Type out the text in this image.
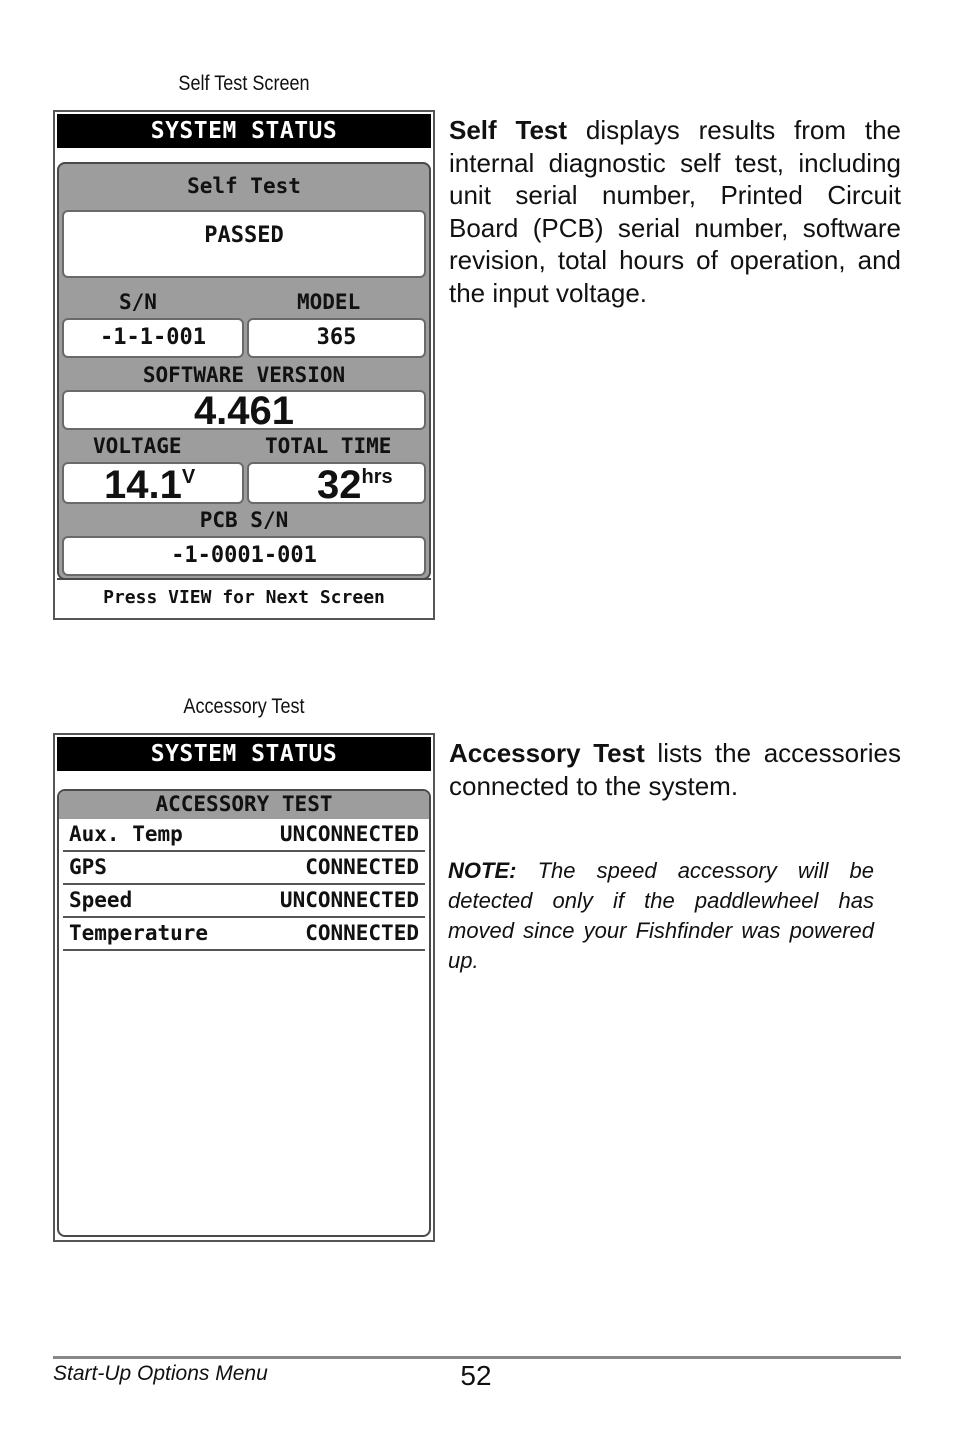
Self Test Screen
SYSTEM STATUS
Self Test
PASSED
S/N	MODEL
-1-1-001	365
SOFTWARE VERSION
4.461
VOLTAGE	TOTAL TIME
$14.1^V$	$32^{hrs}$
PCB S/N
-1-0001-001
Press VIEW for Next Screen
Self Test displays results from the internal diagnostic self test, including unit serial number, Printed Circuit Board (PCB) serial number, software revision, total hours of operation, and the input voltage.
Accessory Test
SYSTEM STATUS
ACCESSORY TEST
Aux. Temp	UNCONNECTED
GPS	CONNECTED
Speed	UNCONNECTED
Temperature	CONNECTED
Accessory Test lists the accessories connected to the system.
NOTE: The speed accessory will be detected only if the paddlewheel has moved since your Fishfinder was powered up.
Start-Up Options Menu	52
